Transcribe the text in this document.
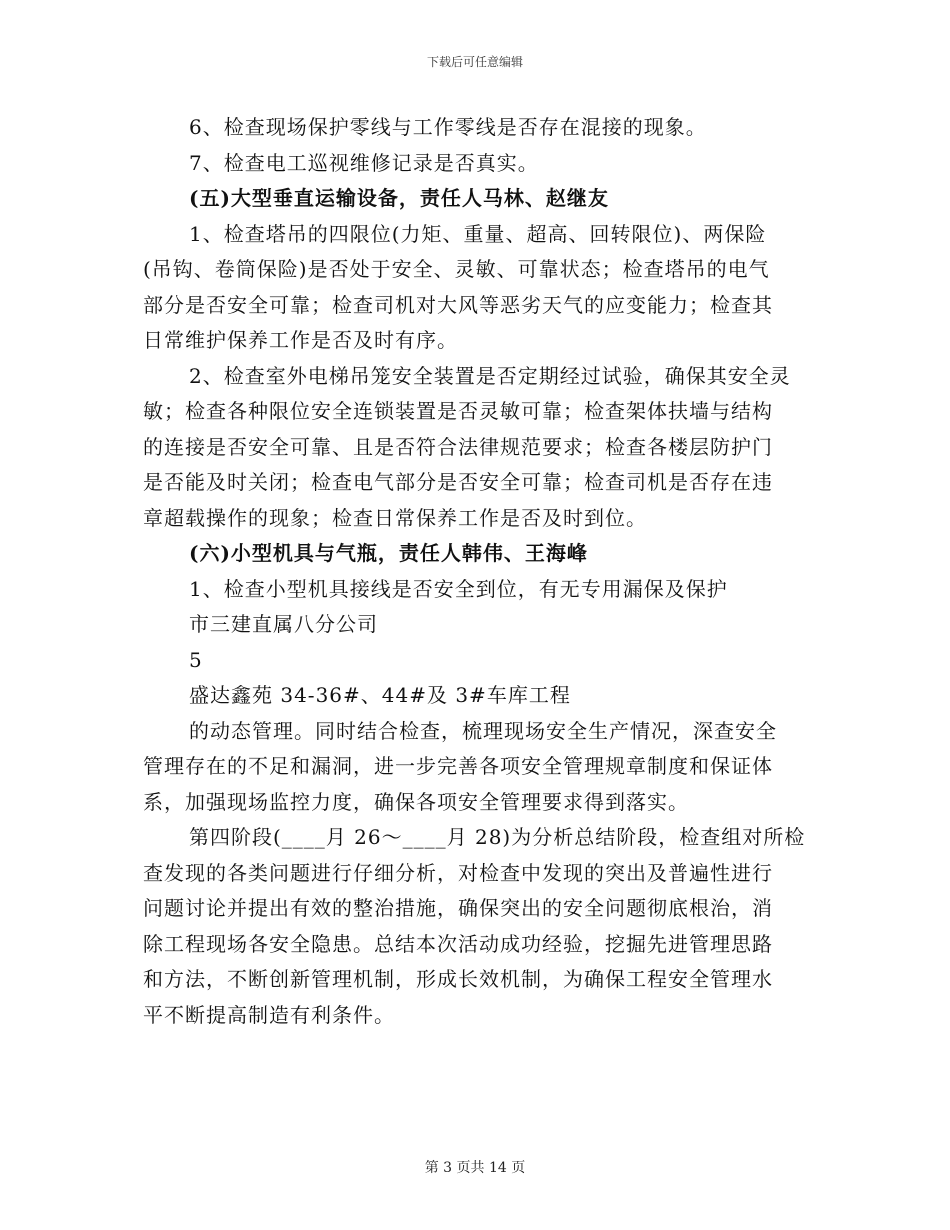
下载后可任意编辑

6、检查现场保护零线与工作零线是否存在混接的现象。

7、检查电工巡视维修记录是否真实。

(五)大型垂直运输设备，责任人马林、赵继友

1、检查塔吊的四限位(力矩、重量、超高、回转限位)、两保险

(吊钩、卷筒保险)是否处于安全、灵敏、可靠状态；检查塔吊的电气

部分是否安全可靠；检查司机对大风等恶劣天气的应变能力；检查其

日常维护保养工作是否及时有序。

2、检查室外电梯吊笼安全装置是否定期经过试验，确保其安全灵

敏；检查各种限位安全连锁装置是否灵敏可靠；检查架体扶墙与结构

的连接是否安全可靠、且是否符合法律规范要求；检查各楼层防护门

是否能及时关闭；检查电气部分是否安全可靠；检查司机是否存在违

章超载操作的现象；检查日常保养工作是否及时到位。

(六)小型机具与气瓶，责任人韩伟、王海峰

1、检查小型机具接线是否安全到位，有无专用漏保及保护

市三建直属八分公司

5

盛达鑫苑 34-36#、44#及 3#车库工程

的动态管理。同时结合检查，梳理现场安全生产情况，深查安全

管理存在的不足和漏洞，进一步完善各项安全管理规章制度和保证体

系，加强现场监控力度，确保各项安全管理要求得到落实。

第四阶段(____月 26～____月 28)为分析总结阶段，检查组对所检

查发现的各类问题进行仔细分析，对检查中发现的突出及普遍性进行

问题讨论并提出有效的整治措施，确保突出的安全问题彻底根治，消

除工程现场各安全隐患。总结本次活动成功经验，挖掘先进管理思路

和方法，不断创新管理机制，形成长效机制，为确保工程安全管理水

平不断提高制造有利条件。

第 3 页共 14 页
